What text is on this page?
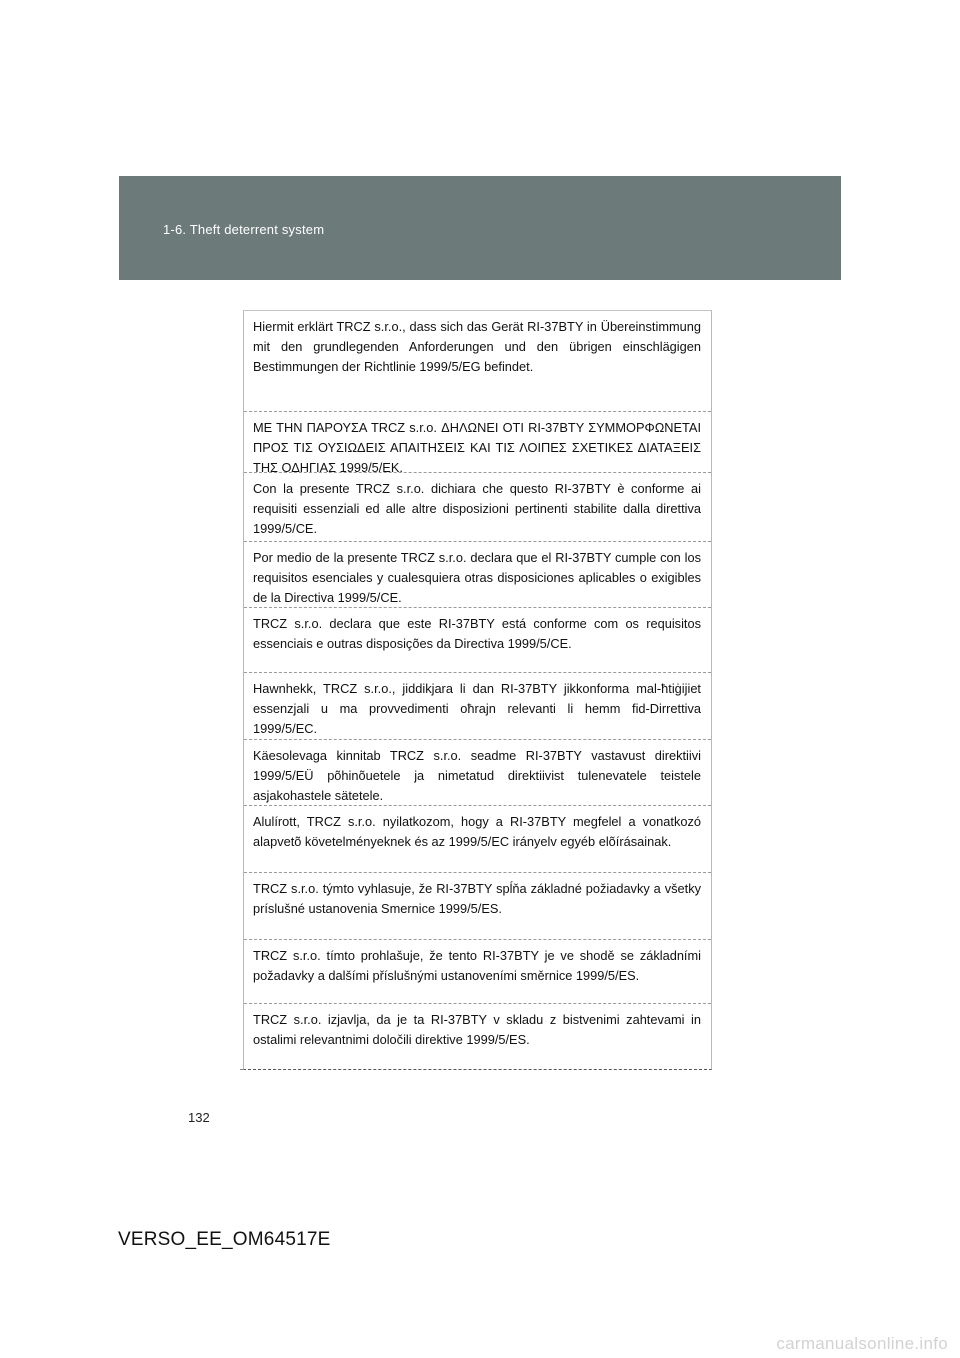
1-6. Theft deterrent system
Hiermit erklärt TRCZ s.r.o., dass sich das Gerät RI-37BTY in Übereinstimmung mit den grundlegenden Anforderungen und den übrigen einschlägigen Bestimmungen der Richtlinie 1999/5/EG befindet.
ΜΕ ΤΗΝ ΠΑΡΟΥΣΑ TRCZ s.r.o. ΔΗΛΩΝΕΙ ΟΤΙ RI-37BTY ΣΥΜΜΟΡΦΩΝΕΤΑΙ ΠΡΟΣ ΤΙΣ ΟΥΣΙΩΔΕΙΣ ΑΠΑΙΤΗΣΕΙΣ ΚΑΙ ΤΙΣ ΛΟΙΠΕΣ ΣΧΕΤΙΚΕΣ ΔΙΑΤΑΞΕΙΣ ΤΗΣ ΟΔΗΓΙΑΣ 1999/5/ΕΚ.
Con la presente TRCZ s.r.o. dichiara che questo RI-37BTY è conforme ai requisiti essenziali ed alle altre disposizioni pertinenti stabilite dalla direttiva 1999/5/CE.
Por medio de la presente TRCZ s.r.o. declara que el RI-37BTY cumple con los requisitos esenciales y cualesquiera otras disposiciones aplicables o exigibles de la Directiva 1999/5/CE.
TRCZ s.r.o. declara que este RI-37BTY está conforme com os requisitos essenciais e outras disposições da Directiva 1999/5/CE.
Hawnhekk, TRCZ s.r.o., jiddikjara li dan RI-37BTY jikkonforma mal-ħtiġijiet essenzjali u ma provvedimenti oħrajn relevanti li hemm fid-Dirrettiva 1999/5/EC.
Käesolevaga kinnitab TRCZ s.r.o. seadme RI-37BTY vastavust direktiivi 1999/5/EÜ põhinõuetele ja nimetatud direktiivist tulenevatele teistele asjakohastele sätetele.
Alulírott, TRCZ s.r.o. nyilatkozom, hogy a RI-37BTY megfelel a vonatkozó alapvetõ követelményeknek és az 1999/5/EC irányelv egyéb elõírásainak.
TRCZ s.r.o. týmto vyhlasuje, že RI-37BTY spĺňa základné požiadavky a všetky príslušné ustanovenia Smernice 1999/5/ES.
TRCZ s.r.o. tímto prohlašuje, že tento RI-37BTY je ve shodě se základními požadavky a dalšími příslušnými ustanoveními směrnice 1999/5/ES.
TRCZ s.r.o. izjavlja, da je ta RI-37BTY v skladu z bistvenimi zahtevami in ostalimi relevantnimi določili direktive 1999/5/ES.
132
VERSO_EE_OM64517E
carmanualsonline.info
